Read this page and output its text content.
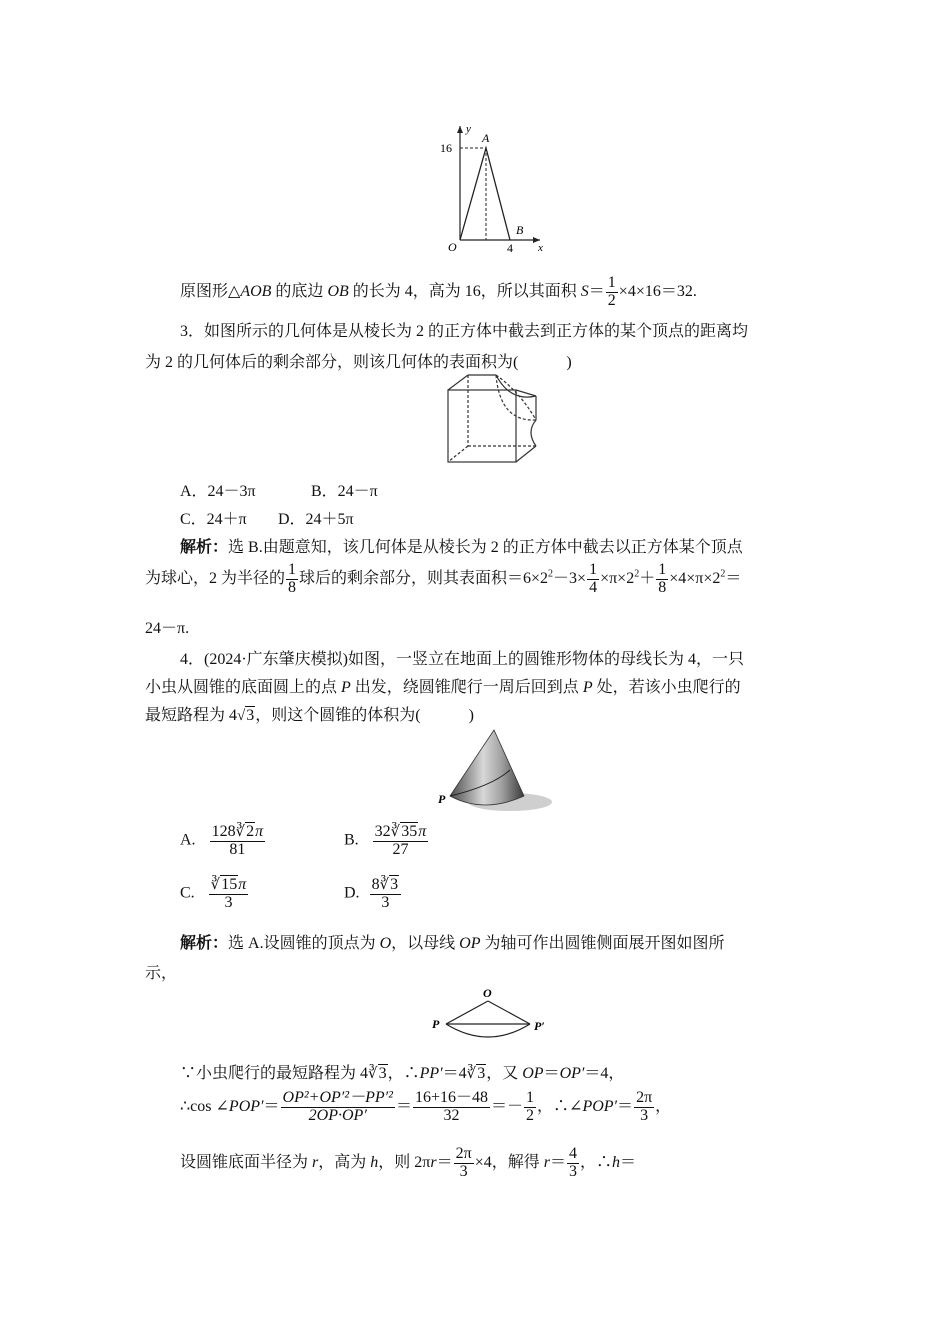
y
x
O
A
B
16
4
原图形△AOB 的底边 OB 的长为 4，高为 16，所以其面积 $S= \frac{1}{2} \times 4\times 16=32$.
3．如图所示的几何体是从棱长为 2 的正方体中截去到正方体的某个顶点的距离均
为 2 的几何体后的剩余部分，则该几何体的表面积为(　　　)
A．24－3π	B．24－π
C．24＋π D．24＋5π
解析：选 B.由题意知，该几何体是从棱长为 2 的正方体中截去以正方体某个顶点
为球心，2 为半径的 $\frac{1}{8}$ 球后的剩余部分，则其表面积$=6\times 2^2-3\times \frac{1}{4} \times\pi\times 2^2+ \frac{1}{8} \times 4\times\pi\times 2^2=$
24－π.
4．(2024·广东肇庆模拟)如图，一竖立在地面上的圆锥形物体的母线长为 4，一只
小虫从圆锥的底面圆上的点 P 出发，绕圆锥爬行一周后回到点 P 处，若该小虫爬行的
最短路程为 4√3，则这个圆锥的体积为(　　　)
P
A. $\frac{128∛2\pi}{81}$	B. $\frac{32∛35\pi}{27}$
C. $\frac{∛15\pi}{3}$	D. $\frac{8∛3}{3}$
解析：选 A.设圆锥的顶点为 O，以母线 OP 为轴可作出圆锥侧面展开图如图所
示，
O
P	P′
∵小虫爬行的最短路程为 4∛3，∴PP′＝4∛3，又 OP＝OP′＝4，
∴cos ∠POP′＝ $\frac{\text{OP²+OP′²－PP′²}}{2OP\cdot OP'} = \frac{16+16-48}{32} =- \frac{1}{2}$ ，∴∠POP′＝ $\frac{2\pi}{3}$ ，
设圆锥底面半径为 r，高为 h，则 $2\pi r= \frac{2\pi}{3} \times 4$，解得 $r= \frac{4}{3}$ ，∴h＝
